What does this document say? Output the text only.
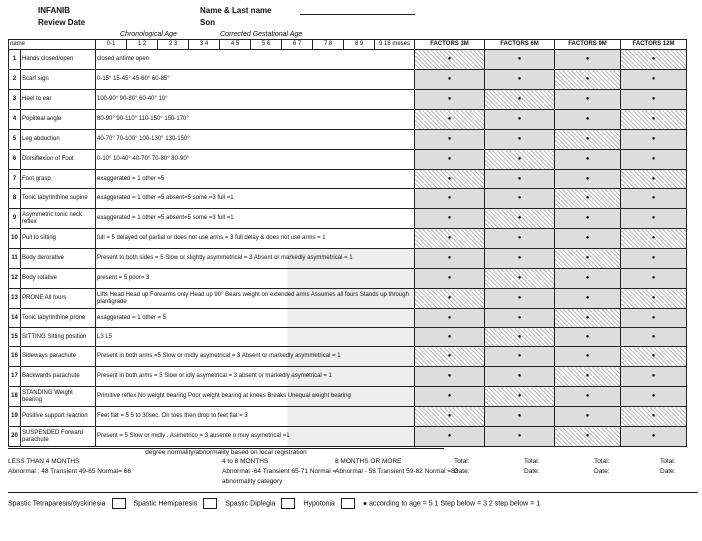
INFANIB
Review Date
Name & Last name
Son
Chronological Age	Corrected Gestational Age
name		0-1	1 2	2 3	3 4	4 5	5 6	6 7	7 8	8 9	9 18 meses	FACTORS 3M	FACTORS 6M	FACTORS 9M	FACTORS 12M
1	Hands closed/open	closed antime open	●	●	●	●
2	Scarf sign	0-15° 15-45° 45-60° 60-85°	●	●	●	●
3	Heel to ear	100-90° 90-80° 60-40° 10°	●	●	●	●
4	Popliteal angle	80-90° 90-110° 110-150° 150-170°	●	●	●	●
5	Leg abduction	40-70° 70-100° 100-130° 130-150°	●	●	●	●
6	Dorsiflexion of Foot	0-10° 10-40° 40-70° 70-80° 80-90°	●	●	●	●
7	Foot grasp	exaggerated = 1 other =5	●	●	●	●
8	Tonic labyrinthine supine	exaggerated = 1 other =5 absent=5 some =3 full =1	●	●	●	●
9	Asymmetric tonic neck reflex	exaggerated = 1 other =5 absent=5 some =3 full =1	●	●	●	●
10	Pull to sitting	full = 5 delayed cef partial or does not use arms = 3 full delay & does not use arms = 1	●	●	●	●
11	Body derorative	Present to both sides = 5 Slow or slightly asymmetrical = 3 Absent or markedly asymmetrical = 1	●	●	●	●
12	Body rotative	present = 5 poor= 3	●	●	●	●
13	PRONE All fours	Lifts Head Head up Forearms only Head up 90° Bears weight on extended arms Assumes all fours Stands up through plantigrade	●	●	●	●
14	Tonic labyrinthine prone	exaggerated = 1 other = 5	●	●	●	●
15	SITTING Sitting position	L3 L5	●	●	●	●
16	Sideways parachute	Present in both arms =5 Slow or midly asymetrical = 3 Absent or markedly asymmetrical = 1	●	●	●	●
17	Backwards parachute	Present in both arms = 5 Slow or idly asymetrical = 3 absent or markedly asymetrical = 1	●	●	●	●
18	STANDING Weight bearing	Primitive reflex No weight bearing Poor weight bearing at knees Breaks Unequal weight bearing	●	●	●	●
19	Positive support reaction	Feet flat = 5 5 to 30sec. On toes then drop to feet flat = 3	●	●	●	●
20	SUSPENDED Forward parachute	Present = 5 Slow or midly . Asimetrico = 3 ausente o muy asymetrical =1	●	●	●	●
degree normality/abnormality based on local registration
LESS THAN 4 MONTHS
Abnormal : 48 Transient 49-65 Normal= 66
4 to 8 MONTHS
Abnormal -64 Transient 65-71 Normal =
8 MONTHS OR MORE
Abnormal - 56 Transient 59-82 Normal =83
abnormality category
Total:
Date:
Total:
Date:
Total:
Date:
Total:
Date:
Spastic Tetraparesis/dyskinesia	Spastic Hemiparesis	Spastic Diplegia	Hypotonia	● according to age = 5 1 Step below = 3 2 step below = 1
